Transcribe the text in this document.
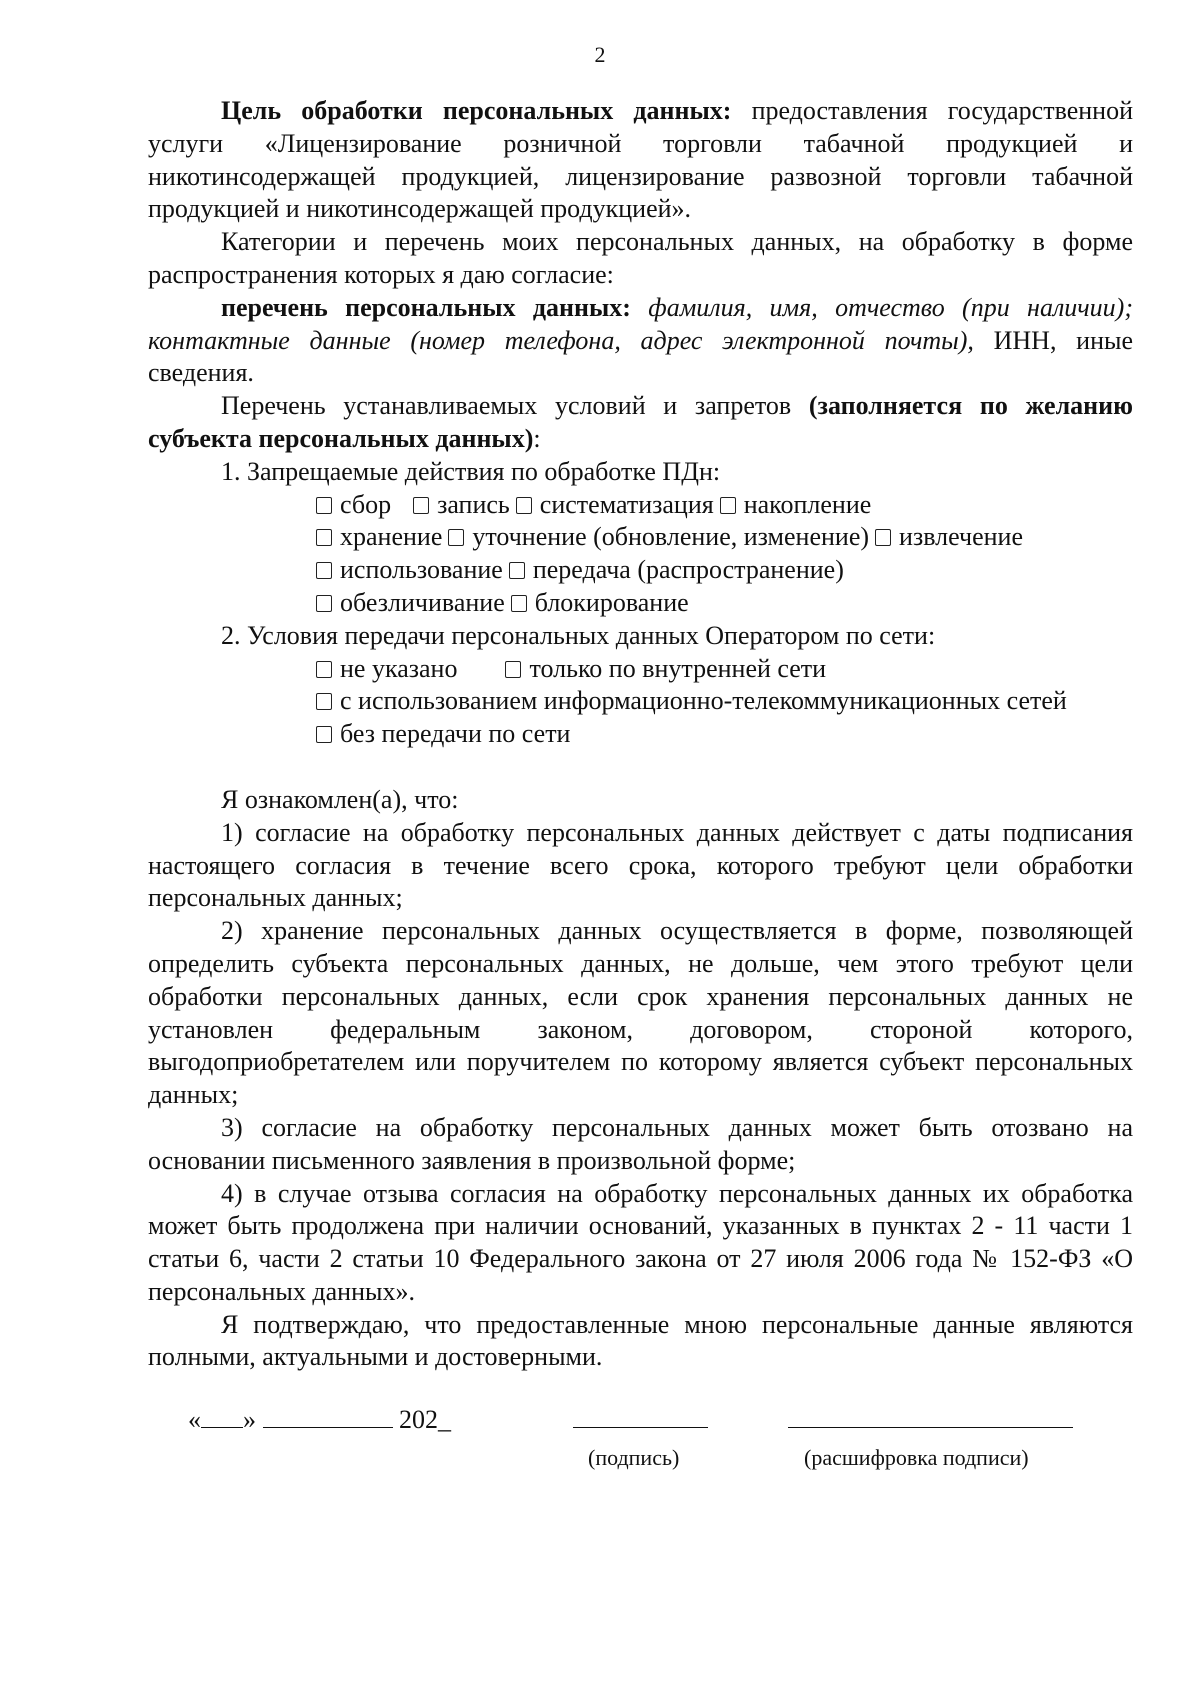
2

Цель обработки персональных данных: предоставления государственной услуги «Лицензирование розничной торговли табачной продукцией и никотинсодержащей продукцией, лицензирование развозной торговли табачной продукцией и никотинсодержащей продукцией».

Категории и перечень моих персональных данных, на обработку в форме распространения которых я даю согласие:

перечень персональных данных: фамилия, имя, отчество (при наличии); контактные данные (номер телефона, адрес электронной почты), ИНН, иные сведения.

Перечень устанавливаемых условий и запретов (заполняется по желанию субъекта персональных данных):

1. Запрещаемые действия по обработке ПДн:

сбор запись систематизация накопление

хранение уточнение (обновление, изменение) извлечение

использование передача (распространение)

обезличивание блокирование

2. Условия передачи персональных данных Оператором по сети:

не указано	только по внутренней сети

с использованием информационно-телекоммуникационных сетей

без передачи по сети

Я ознакомлен(а), что:

1) согласие на обработку персональных данных действует с даты подписания настоящего согласия в течение всего срока, которого требуют цели обработки персональных данных;

2) хранение персональных данных осуществляется в форме, позволяющей определить субъекта персональных данных, не дольше, чем этого требуют цели обработки персональных данных, если срок хранения персональных данных не установлен федеральным законом, договором, стороной которого, выгодоприобретателем или поручителем по которому является субъект персональных данных;

3) согласие на обработку персональных данных может быть отозвано на основании письменного заявления в произвольной форме;

4) в случае отзыва согласия на обработку персональных данных их обработка может быть продолжена при наличии оснований, указанных в пунктах 2 - 11 части 1 статьи 6, части 2 статьи 10 Федерального закона от 27 июля 2006 года № 152-ФЗ «О персональных данных».

Я подтверждаю, что предоставленные мною персональные данные являются полными, актуальными и достоверными.

« »	202_
(подпись)	(расшифровка подписи)
